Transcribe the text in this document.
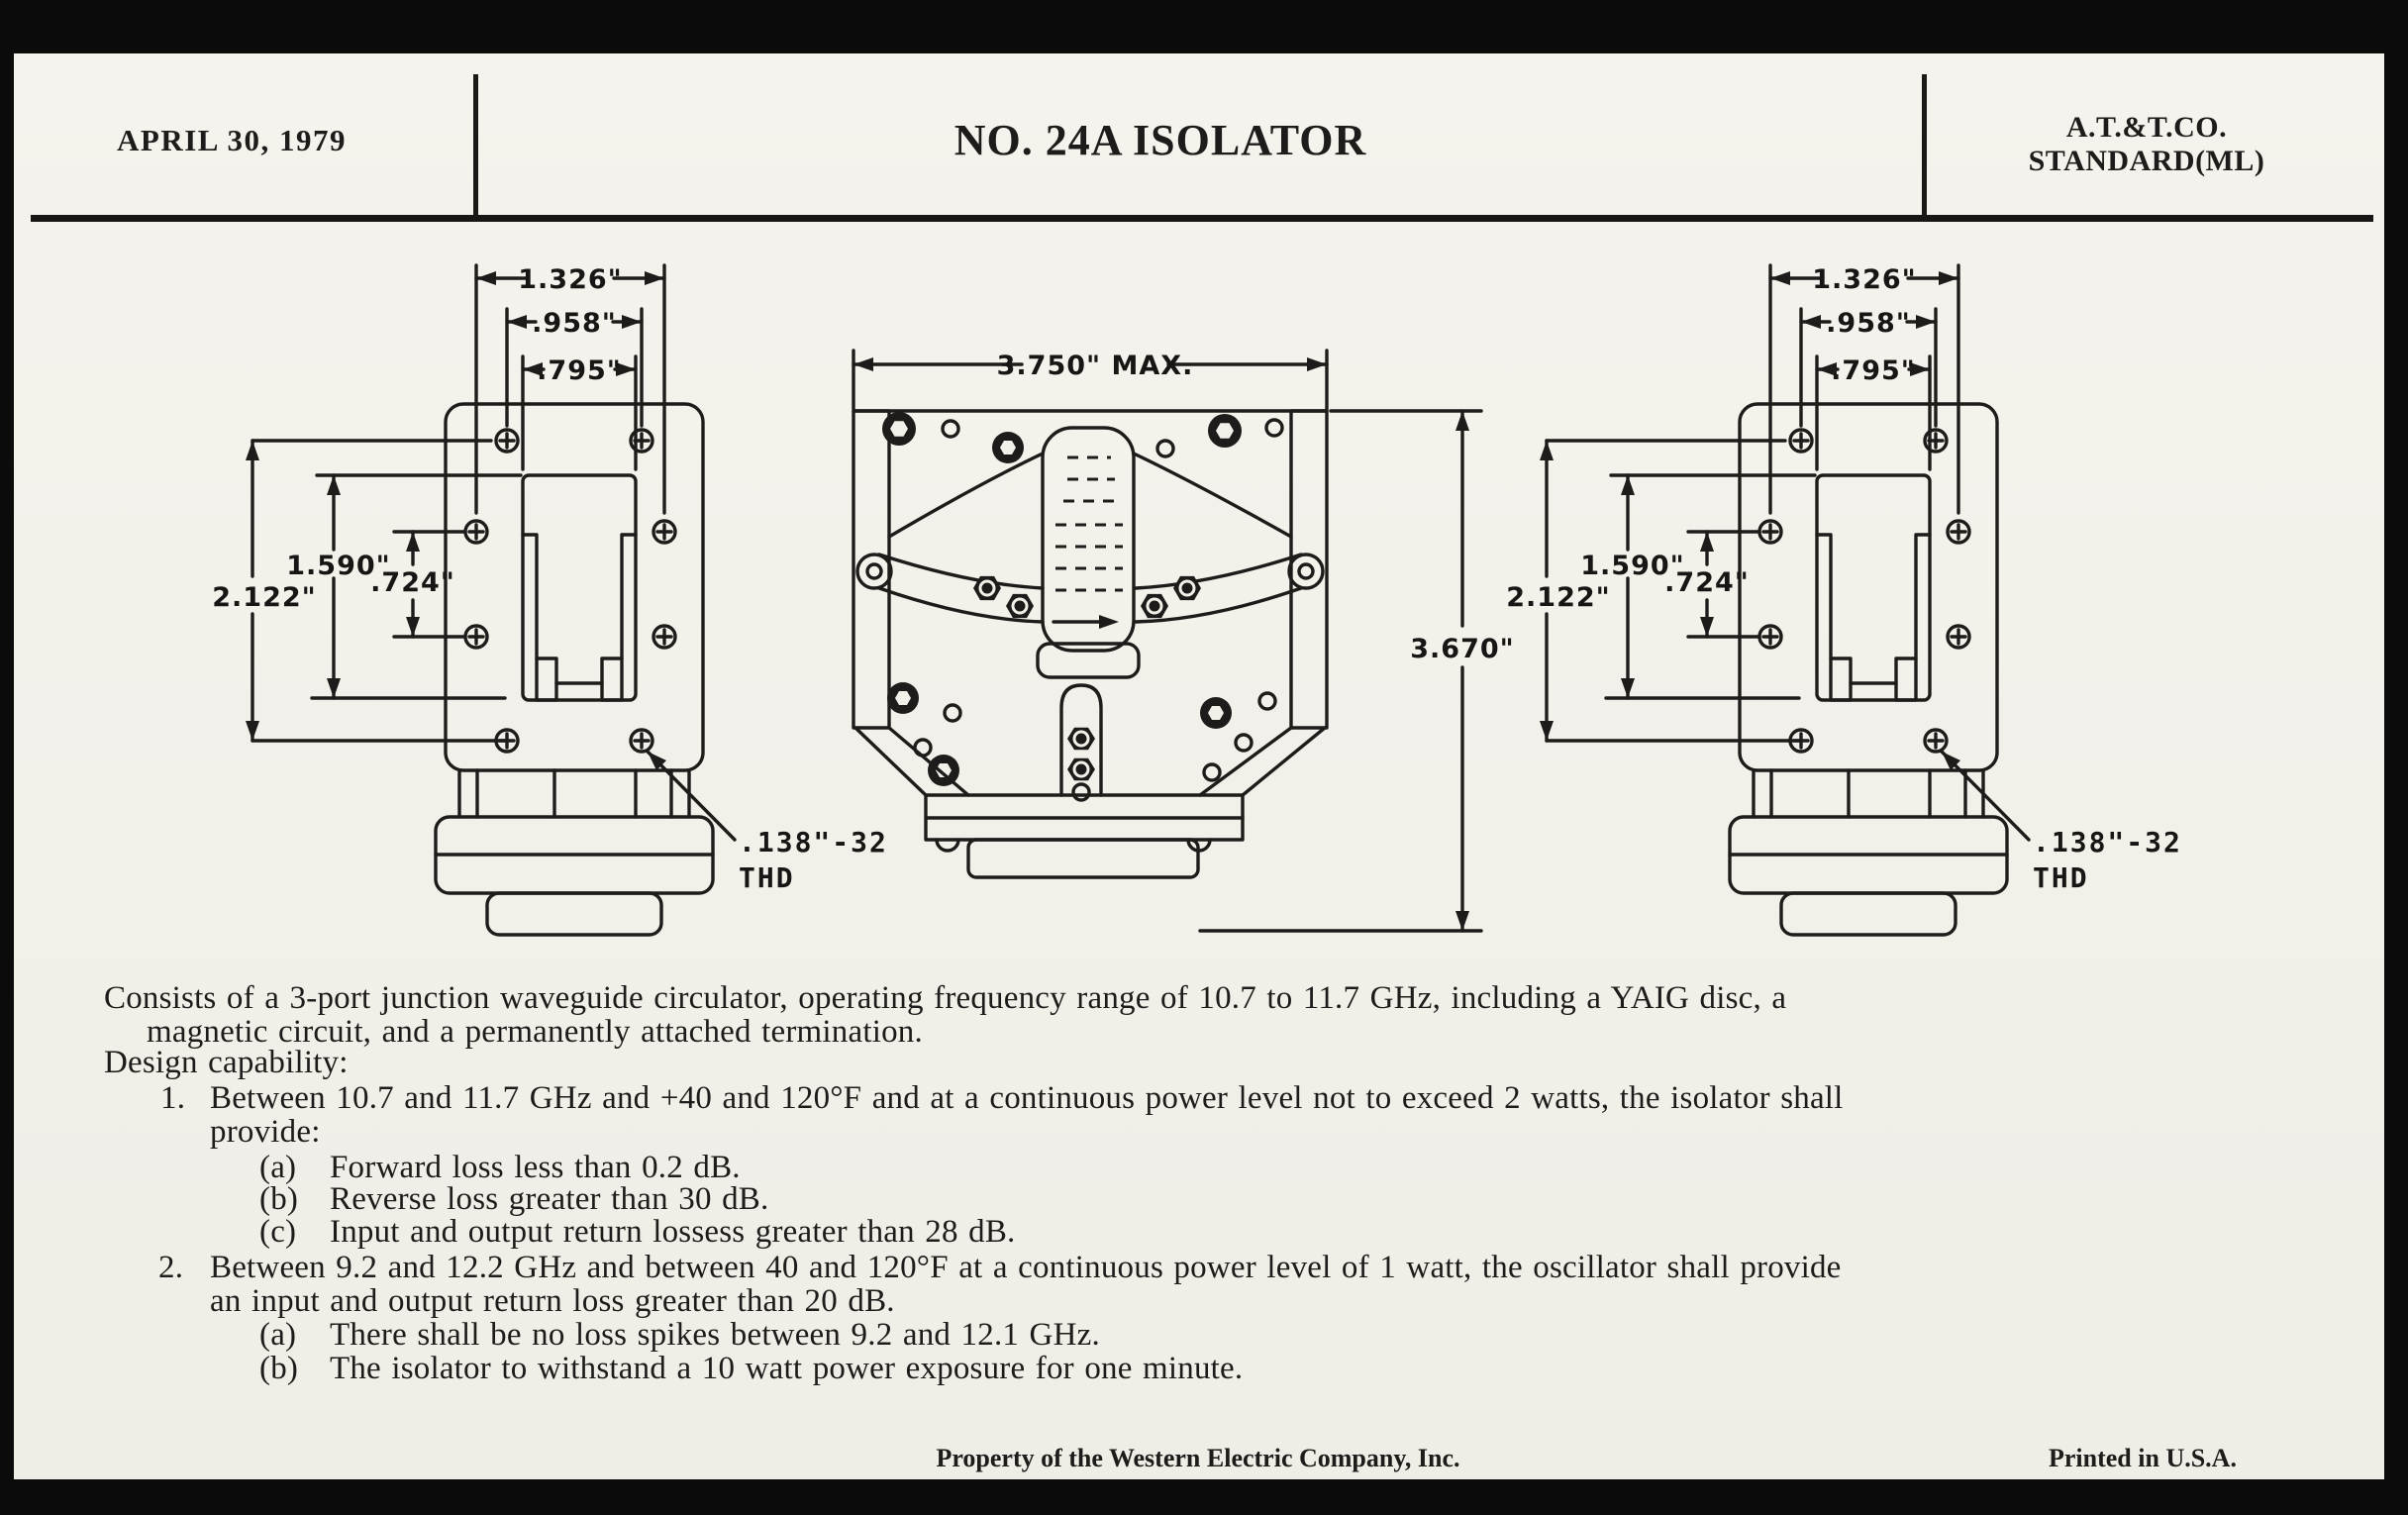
APRIL 30, 1979	NO. 24A ISOLATOR	A.T.&T.CO.
STANDARD(ML)
1.326"
.958"
.795"
2.122"
1.590"
.724"
.138"-32
THD
3.750" MAX.
3.670"
1.326"
.958"
.795"
2.122"
1.590"
.724"
.138"-32
THD
Consists of a 3-port junction waveguide circulator, operating frequency range of 10.7 to 11.7 GHz, including a YAIG disc, a
magnetic circuit, and a permanently attached termination.
Design capability:
1. Between 10.7 and 11.7 GHz and +40 and 120°F and at a continuous power level not to exceed 2 watts, the isolator shall
provide:
(a) Forward loss less than 0.2 dB.
(b) Reverse loss greater than 30 dB.
(c) Input and output return lossess greater than 28 dB.
2. Between 9.2 and 12.2 GHz and between 40 and 120°F at a continuous power level of 1 watt, the oscillator shall provide
an input and output return loss greater than 20 dB.
(a) There shall be no loss spikes between 9.2 and 12.1 GHz.
(b) The isolator to withstand a 10 watt power exposure for one minute.
Property of the Western Electric Company, Inc.	Printed in U.S.A.
